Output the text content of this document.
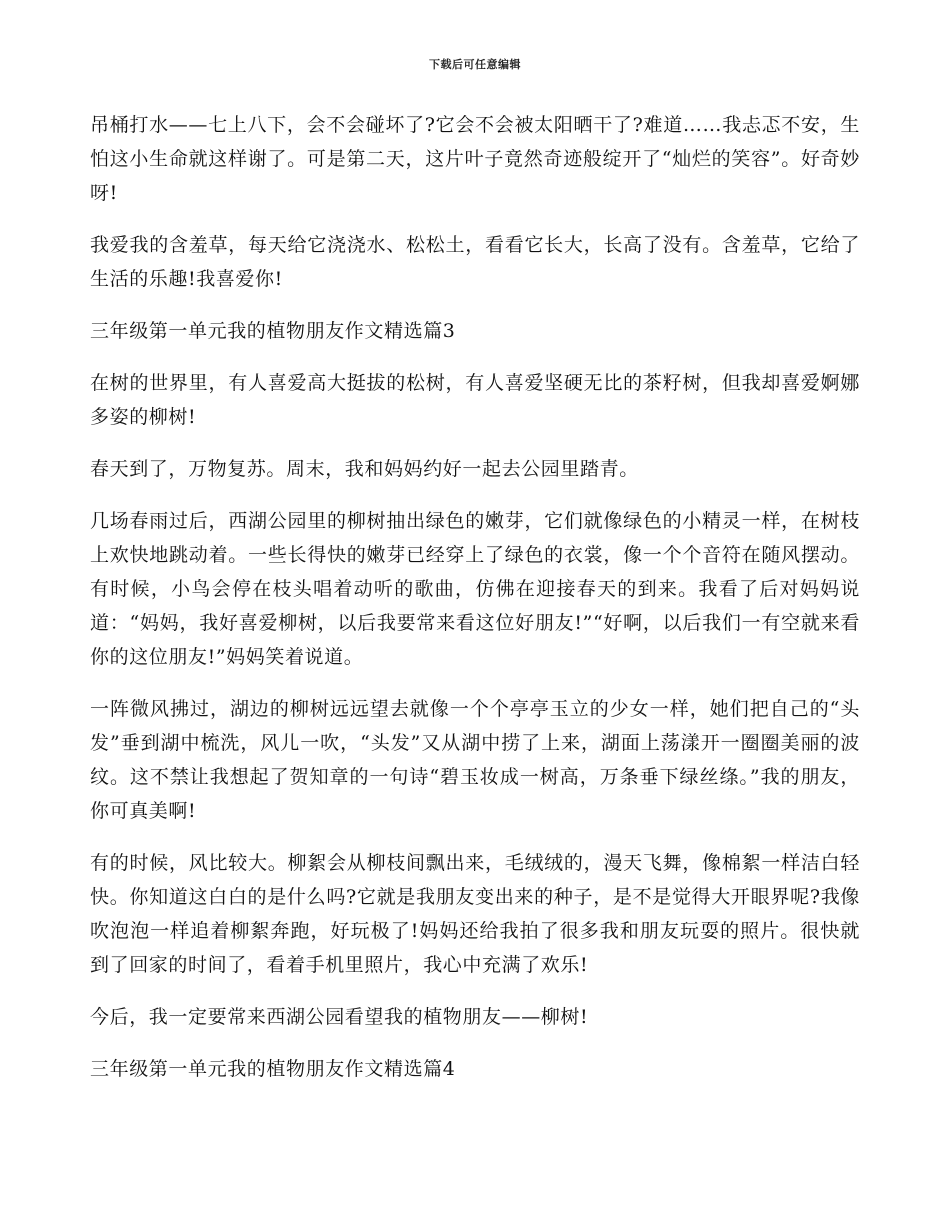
下载后可任意编辑

吊桶打水——七上八下，会不会碰坏了?它会不会被太阳晒干了?难道……我忐忑不安，生怕这小生命就这样谢了。可是第二天，这片叶子竟然奇迹般绽开了“灿烂的笑容”。好奇妙呀!

我爱我的含羞草，每天给它浇浇水、松松土，看看它长大，长高了没有。含羞草，它给了生活的乐趣!我喜爱你!

三年级第一单元我的植物朋友作文精选篇3

在树的世界里，有人喜爱高大挺拔的松树，有人喜爱坚硬无比的茶籽树，但我却喜爱婀娜多姿的柳树!

春天到了，万物复苏。周末，我和妈妈约好一起去公园里踏青。

几场春雨过后，西湖公园里的柳树抽出绿色的嫩芽，它们就像绿色的小精灵一样，在树枝上欢快地跳动着。一些长得快的嫩芽已经穿上了绿色的衣裳，像一个个音符在随风摆动。有时候，小鸟会停在枝头唱着动听的歌曲，仿佛在迎接春天的到来。我看了后对妈妈说道：“妈妈，我好喜爱柳树，以后我要常来看这位好朋友!”“好啊，以后我们一有空就来看你的这位朋友!”妈妈笑着说道。

一阵微风拂过，湖边的柳树远远望去就像一个个亭亭玉立的少女一样，她们把自己的“头发”垂到湖中梳洗，风儿一吹，“头发”又从湖中捞了上来，湖面上荡漾开一圈圈美丽的波纹。这不禁让我想起了贺知章的一句诗“碧玉妆成一树高，万条垂下绿丝绦。”我的朋友，你可真美啊!

有的时候，风比较大。柳絮会从柳枝间飘出来，毛绒绒的，漫天飞舞，像棉絮一样洁白轻快。你知道这白白的是什么吗?它就是我朋友变出来的种子，是不是觉得大开眼界呢?我像吹泡泡一样追着柳絮奔跑，好玩极了!妈妈还给我拍了很多我和朋友玩耍的照片。很快就到了回家的时间了，看着手机里照片，我心中充满了欢乐!

今后，我一定要常来西湖公园看望我的植物朋友——柳树!

三年级第一单元我的植物朋友作文精选篇4
